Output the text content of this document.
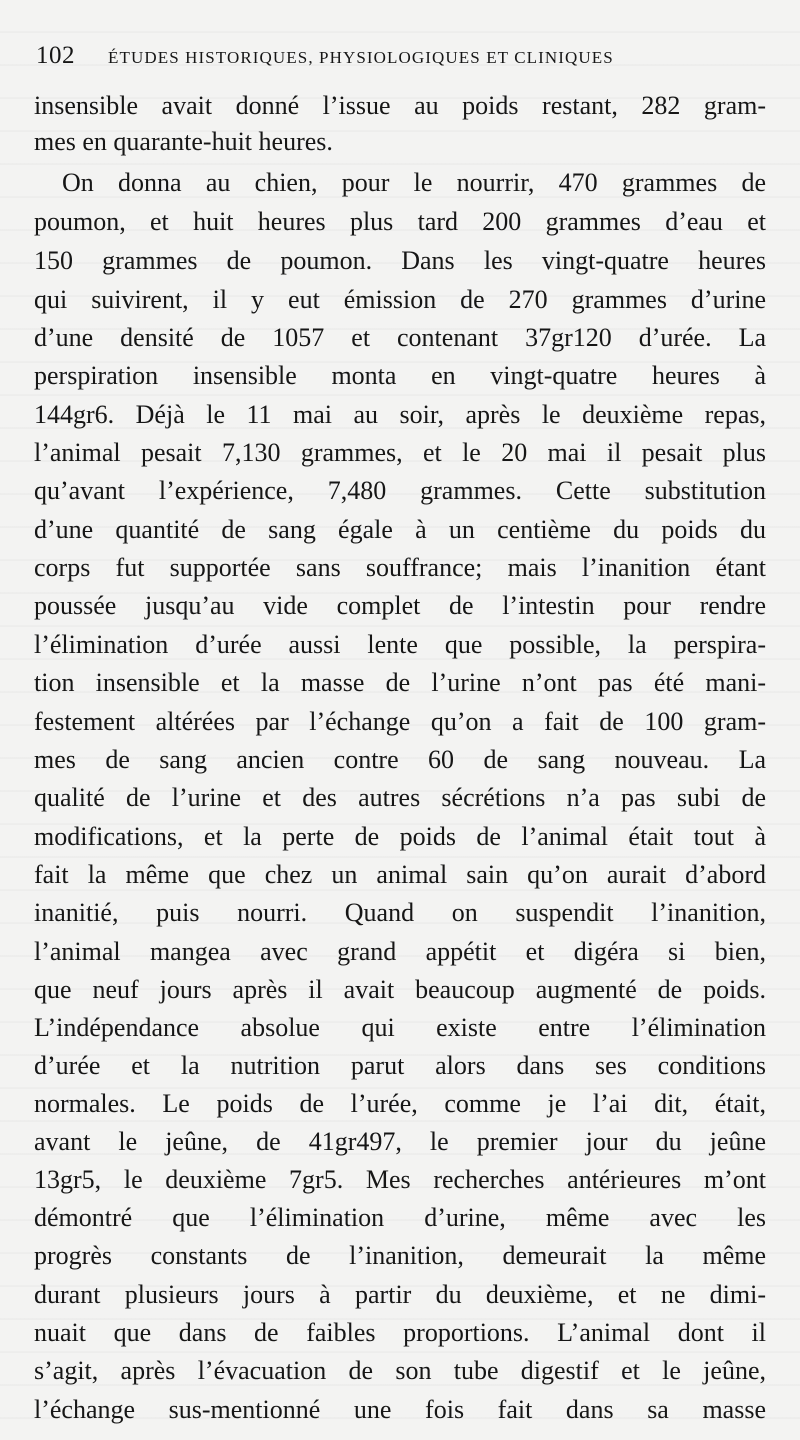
102 ÉTUDES HISTORIQUES, PHYSIOLOGIQUES ET CLINIQUES
insensible avait donné l’issue au poids restant, 282 gram-
mes en quarante-huit heures.
On donna au chien, pour le nourrir, 470 grammes de
poumon, et huit heures plus tard 200 grammes d’eau et
150 grammes de poumon. Dans les vingt-quatre heures
qui suivirent, il y eut émission de 270 grammes d’urine
d’une densité de 1057 et contenant 37gr120 d’urée. La
perspiration insensible monta en vingt-quatre heures à
144gr6. Déjà le 11 mai au soir, après le deuxième repas,
l’animal pesait 7,130 grammes, et le 20 mai il pesait plus
qu’avant l’expérience, 7,480 grammes. Cette substitution
d’une quantité de sang égale à un centième du poids du
corps fut supportée sans souffrance; mais l’inanition étant
poussée jusqu’au vide complet de l’intestin pour rendre
l’élimination d’urée aussi lente que possible, la perspira-
tion insensible et la masse de l’urine n’ont pas été mani-
festement altérées par l’échange qu’on a fait de 100 gram-
mes de sang ancien contre 60 de sang nouveau. La
qualité de l’urine et des autres sécrétions n’a pas subi de
modifications, et la perte de poids de l’animal était tout à
fait la même que chez un animal sain qu’on aurait d’abord
inanitié, puis nourri. Quand on suspendit l’inanition,
l’animal mangea avec grand appétit et digéra si bien,
que neuf jours après il avait beaucoup augmenté de poids.
L’indépendance absolue qui existe entre l’élimination
d’urée et la nutrition parut alors dans ses conditions
normales. Le poids de l’urée, comme je l’ai dit, était,
avant le jeûne, de 41gr497, le premier jour du jeûne
13gr5, le deuxième 7gr5. Mes recherches antérieures m’ont
démontré que l’élimination d’urine, même avec les
progrès constants de l’inanition, demeurait la même
durant plusieurs jours à partir du deuxième, et ne dimi-
nuait que dans de faibles proportions. L’animal dont il
s’agit, après l’évacuation de son tube digestif et le jeûne,
l’échange sus-mentionné une fois fait dans sa masse
